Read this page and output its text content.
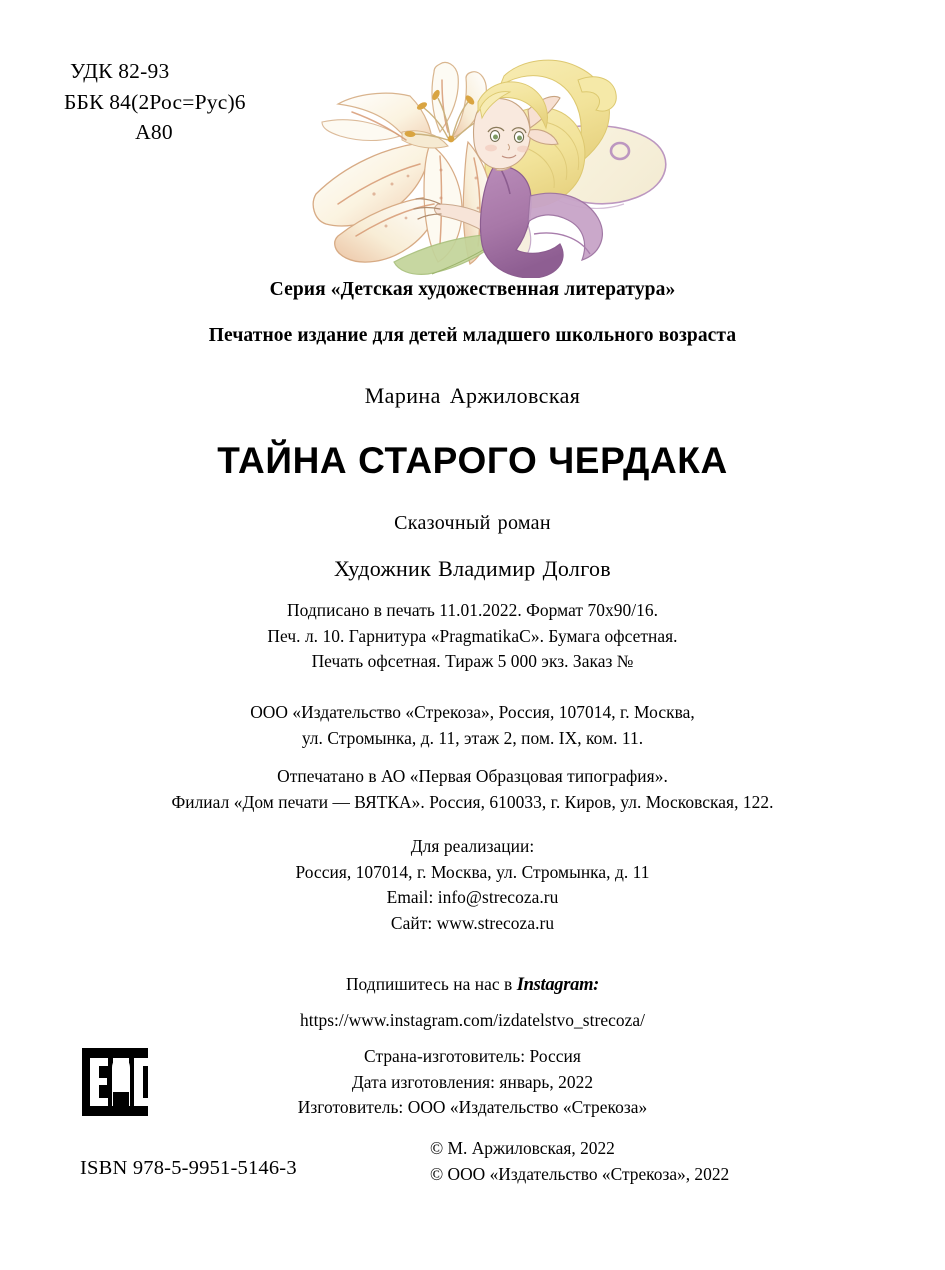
УДК 82-93
ББК 84(2Рос=Рус)6
А80
Серия «Детская художественная литература»
Печатное издание для детей младшего школьного возраста
Марина Аржиловская
ТАЙНА СТАРОГО ЧЕРДАКА
Сказочный роман
Художник Владимир Долгов
Подписано в печать 11.01.2022. Формат 70x90/16.
Печ. л. 10. Гарнитура «PragmatikaC». Бумага офсетная.
Печать офсетная. Тираж 5 000 экз. Заказ №
ООО «Издательство «Стрекоза», Россия, 107014, г. Москва,
ул. Стромынка, д. 11, этаж 2, пом. IX, ком. 11.
Отпечатано в АО «Первая Образцовая типография».
Филиал «Дом печати — ВЯТКА». Россия, 610033, г. Киров, ул. Московская, 122.
Для реализации:
Россия, 107014, г. Москва, ул. Стромынка, д. 11
Email: info@strecoza.ru
Сайт: www.strecoza.ru
Подпишитесь на нас в Instagram:
https://www.instagram.com/izdatelstvo_strecoza/
Страна-изготовитель: Россия
Дата изготовления: январь, 2022
Изготовитель: ООО «Издательство «Стрекоза»
ISBN 978-5-9951-5146-3
© М. Аржиловская, 2022
© ООО «Издательство «Стрекоза», 2022
